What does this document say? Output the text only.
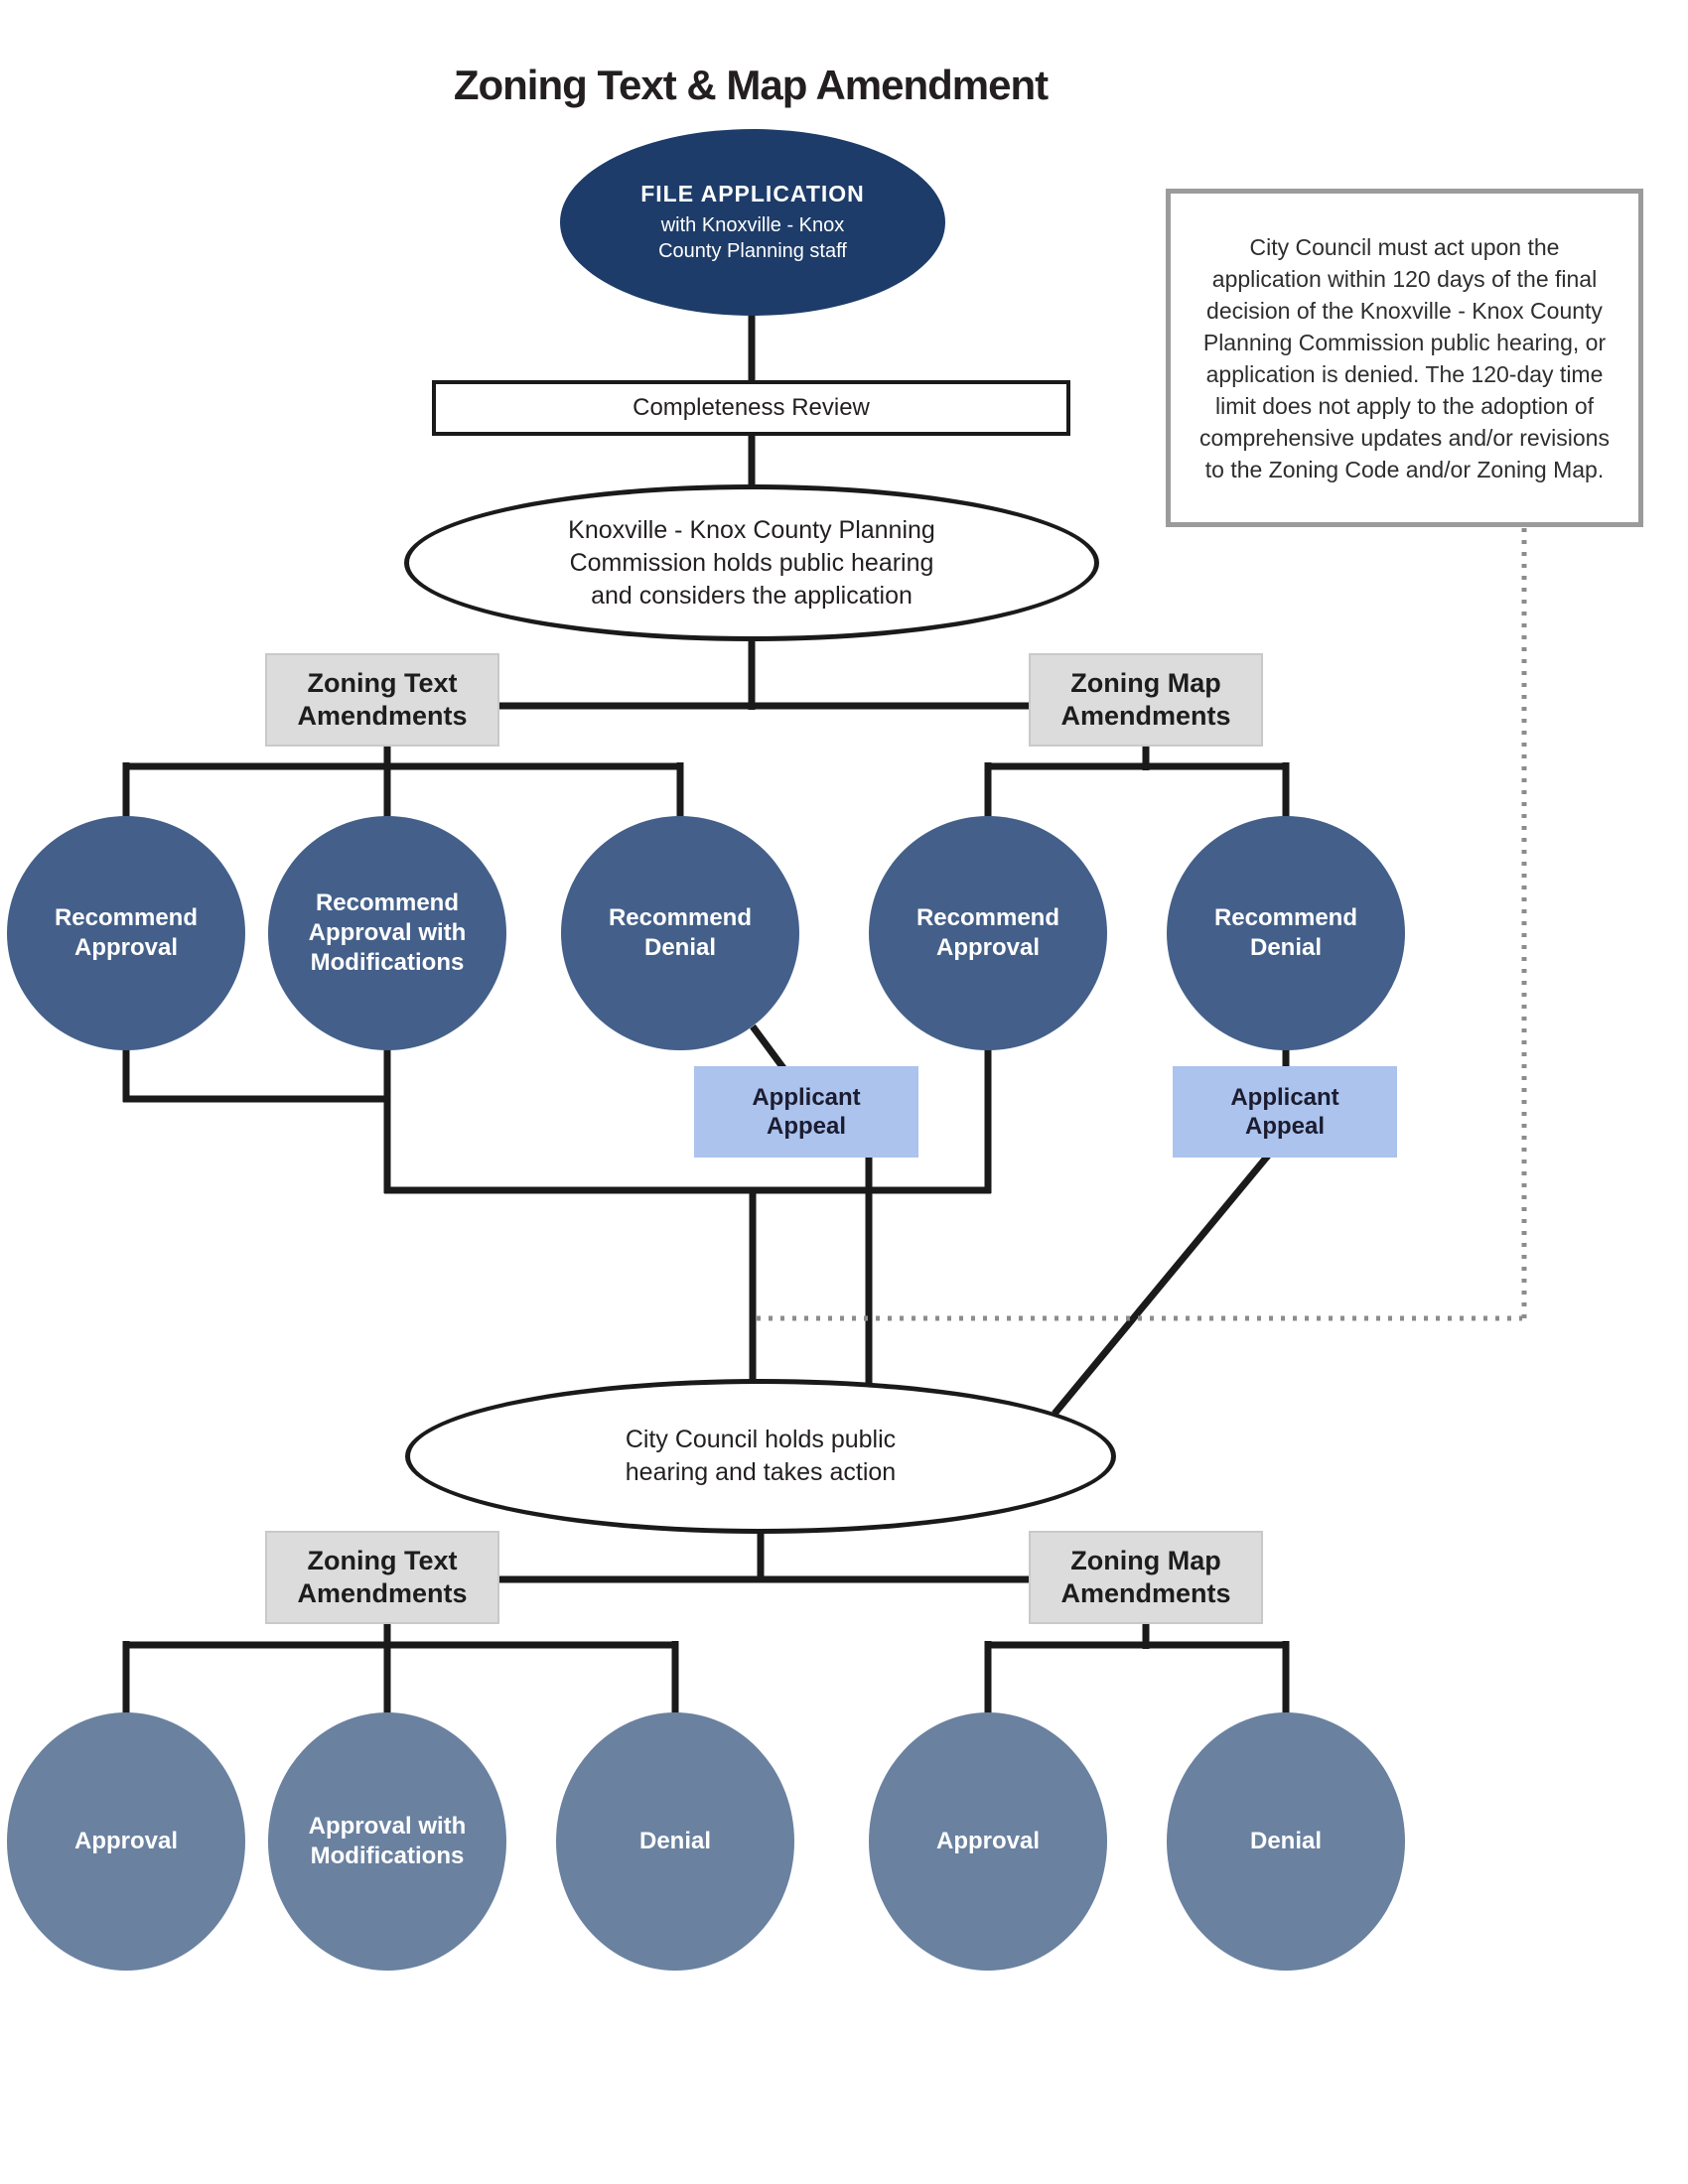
Zoning Text & Map Amendment
FILE APPLICATION
with Knoxville - Knox
County Planning staff
Completeness Review
Knoxville - Knox County Planning
Commission holds public hearing
and considers the application
City Council must act upon the application within 120 days of the final decision of the Knoxville - Knox County Planning Commission public hearing, or application is denied. The 120-day time limit does not apply to the adoption of comprehensive updates and/or revisions to the Zoning Code and/or Zoning Map.
Zoning Text
Amendments
Zoning Map
Amendments
Recommend
Approval
Recommend
Approval with
Modifications
Recommend
Denial
Recommend
Approval
Recommend
Denial
Applicant
Appeal
Applicant
Appeal
City Council holds public
hearing and takes action
Zoning Text
Amendments
Zoning Map
Amendments
Approval
Approval with
Modifications
Denial	Approval	Denial
